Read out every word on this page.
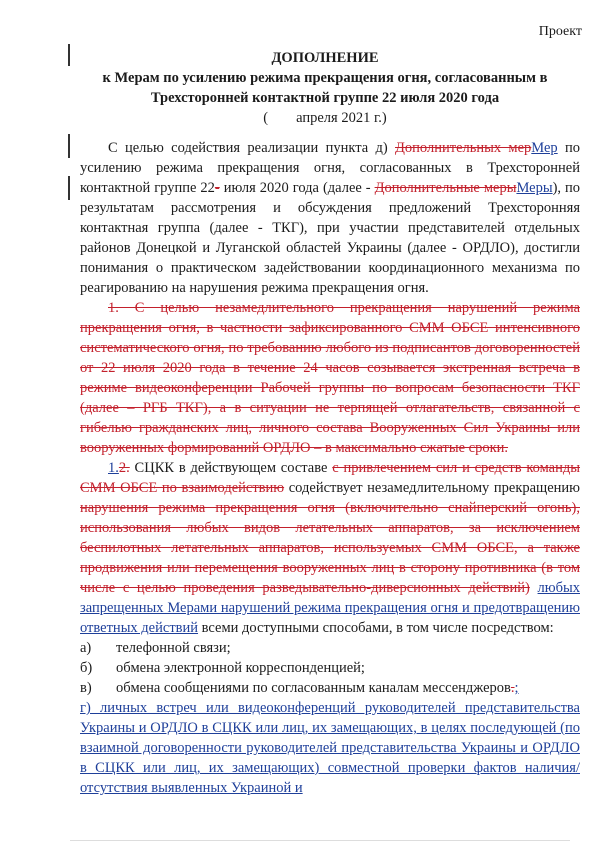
Проект
ДОПОЛНЕНИЕ
к Мерам по усилению режима прекращения огня, согласованным в
Трехсторонней контактной группе 22 июля 2020 года
( апреля 2021 г.)

С целью содействия реализации пункта д) Дополнительных мерМер по усилению режима прекращения огня, согласованных в Трехсторонней контактной группе 22- июля 2020 года (далее - Дополнительные мерыМеры), по результатам рассмотрения и обсуждения предложений Трехсторонняя контактная группа (далее - ТКГ), при участии представителей отдельных районов Донецкой и Луганской областей Украины (далее - ОРДЛО), достигли понимания о практическом задействовании координационного механизма по реагированию на нарушения режима прекращения огня.

1. С целью незамедлительного прекращения нарушений режима прекращения огня, в частности зафиксированного СММ ОБСЕ интенсивного систематического огня, по требованию любого из подписантов договоренностей от 22 июля 2020 года в течение 24 часов созывается экстренная встреча в режиме видеоконференции Рабочей группы по вопросам безопасности ТКГ (далее – РГБ ТКГ), а в ситуации не терпящей отлагательств, связанной с гибелью гражданских лиц, личного состава Вооруженных Сил Украины или вооруженных формирований ОРДЛО – в максимально сжатые сроки.

1.2. СЦКК в действующем составе с привлечением сил и средств команды СММ ОБСЕ по взаимодействию содействует незамедлительному прекращению нарушения режима прекращения огня (включительно снайперский огонь), использования любых видов летательных аппаратов, за исключением беспилотных летательных аппаратов, используемых СММ ОБСЕ, а также продвижения или перемещения вооруженных лиц в сторону противника (в том числе с целью проведения разведывательно-диверсионных действий) любых запрещенных Мерами нарушений режима прекращения огня и предотвращению ответных действий всеми доступными способами, в том числе посредством:

а)	телефонной связи;
б)	обмена электронной корреспонденцией;
в)	обмена сообщениями по согласованным каналам мессенджеров.;

г) личных встреч или видеоконференций руководителей представительства Украины и ОРДЛО в СЦКК или лиц, их замещающих, в целях последующей (по взаимной договоренности руководителей представительства Украины и ОРДЛО в СЦКК или лиц, их замещающих) совместной проверки фактов наличия/отсутствия выявленных Украиной и
